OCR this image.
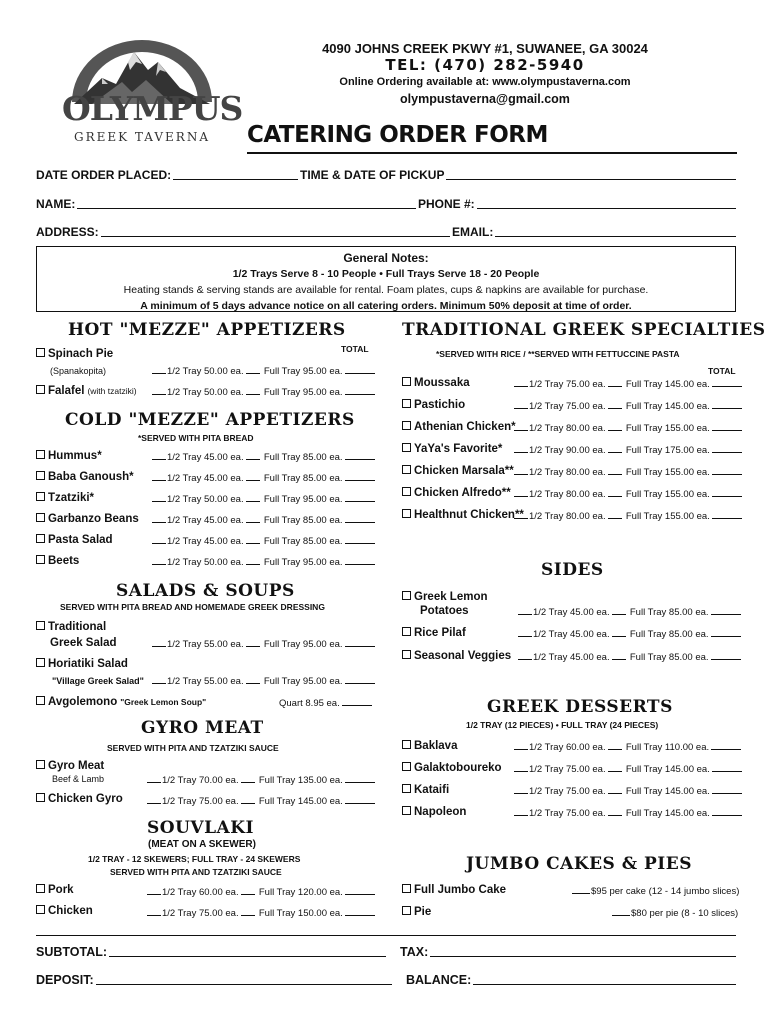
OLYMPUS
GREEK TAVERNA
4090 JOHNS CREEK PKWY #1, SUWANEE, GA 30024
TEL: (470) 282-5940
Online Ordering available at: www.olympustaverna.com
olympustaverna@gmail.com
CATERING ORDER FORM
DATE ORDER PLACED:	TIME & DATE OF PICKUP
NAME:	PHONE #:
ADDRESS:	EMAIL:
General Notes:
1/2 Trays Serve 8 - 10 People • Full Trays Serve 18 - 20 People
Heating stands & serving stands are available for rental. Foam plates, cups & napkins are available for purchase.
A minimum of 5 days advance notice on all catering orders. Minimum 50% deposit at time of order.
HOT "MEZZE" APPETIZERS
TOTAL
Spinach Pie
(Spanakopita)	1/2 Tray 50.00 ea. Full Tray 95.00 ea.
Falafel (with tzatziki)	1/2 Tray 50.00 ea. Full Tray 95.00 ea.
COLD "MEZZE" APPETIZERS
*SERVED WITH PITA BREAD
Hummus*	1/2 Tray 45.00 ea. Full Tray 85.00 ea.
Baba Ganoush*	1/2 Tray 45.00 ea. Full Tray 85.00 ea.
Tzatziki*	1/2 Tray 50.00 ea. Full Tray 95.00 ea.
Garbanzo Beans	1/2 Tray 45.00 ea. Full Tray 85.00 ea.
Pasta Salad	1/2 Tray 45.00 ea. Full Tray 85.00 ea.
Beets	1/2 Tray 50.00 ea. Full Tray 95.00 ea.
SALADS & SOUPS
SERVED WITH PITA BREAD AND HOMEMADE GREEK DRESSING
Traditional
Greek Salad	1/2 Tray 55.00 ea. Full Tray 95.00 ea.
Horiatiki Salad
"Village Greek Salad"	1/2 Tray 55.00 ea. Full Tray 95.00 ea.
Avgolemono "Greek Lemon Soup"	Quart 8.95 ea.
GYRO MEAT
SERVED WITH PITA AND TZATZIKI SAUCE
Gyro Meat
Beef & Lamb	1/2 Tray 70.00 ea. Full Tray 135.00 ea.
Chicken Gyro	1/2 Tray 75.00 ea. Full Tray 145.00 ea.
SOUVLAKI
(MEAT ON A SKEWER)
1/2 TRAY - 12 SKEWERS; FULL TRAY - 24 SKEWERS
SERVED WITH PITA AND TZATZIKI SAUCE
Pork	1/2 Tray 60.00 ea. Full Tray 120.00 ea.
Chicken	1/2 Tray 75.00 ea. Full Tray 150.00 ea.
TRADITIONAL GREEK SPECIALTIES
*SERVED WITH RICE / **SERVED WITH FETTUCCINE PASTA
TOTAL
Moussaka	1/2 Tray 75.00 ea. Full Tray 145.00 ea.
Pastichio	1/2 Tray 75.00 ea. Full Tray 145.00 ea.
Athenian Chicken*	1/2 Tray 80.00 ea. Full Tray 155.00 ea.
YaYa's Favorite*	1/2 Tray 90.00 ea. Full Tray 175.00 ea.
Chicken Marsala**	1/2 Tray 80.00 ea. Full Tray 155.00 ea.
Chicken Alfredo**	1/2 Tray 80.00 ea. Full Tray 155.00 ea.
Healthnut Chicken** 1/2 Tray 80.00 ea. Full Tray 155.00 ea.
SIDES
Greek Lemon
Potatoes	1/2 Tray 45.00 ea. Full Tray 85.00 ea.
Rice Pilaf	1/2 Tray 45.00 ea. Full Tray 85.00 ea.
Seasonal Veggies	1/2 Tray 45.00 ea. Full Tray 85.00 ea.
GREEK DESSERTS
1/2 TRAY (12 PIECES) • FULL TRAY (24 PIECES)
Baklava	1/2 Tray 60.00 ea. Full Tray 110.00 ea.
Galaktoboureko	1/2 Tray 75.00 ea. Full Tray 145.00 ea.
Kataifi	1/2 Tray 75.00 ea. Full Tray 145.00 ea.
Napoleon	1/2 Tray 75.00 ea. Full Tray 145.00 ea.
JUMBO CAKES & PIES
Full Jumbo Cake	$95 per cake (12 - 14 jumbo slices)
Pie	$80 per pie (8 - 10 slices)
SUBTOTAL:	TAX:
DEPOSIT:	BALANCE:
